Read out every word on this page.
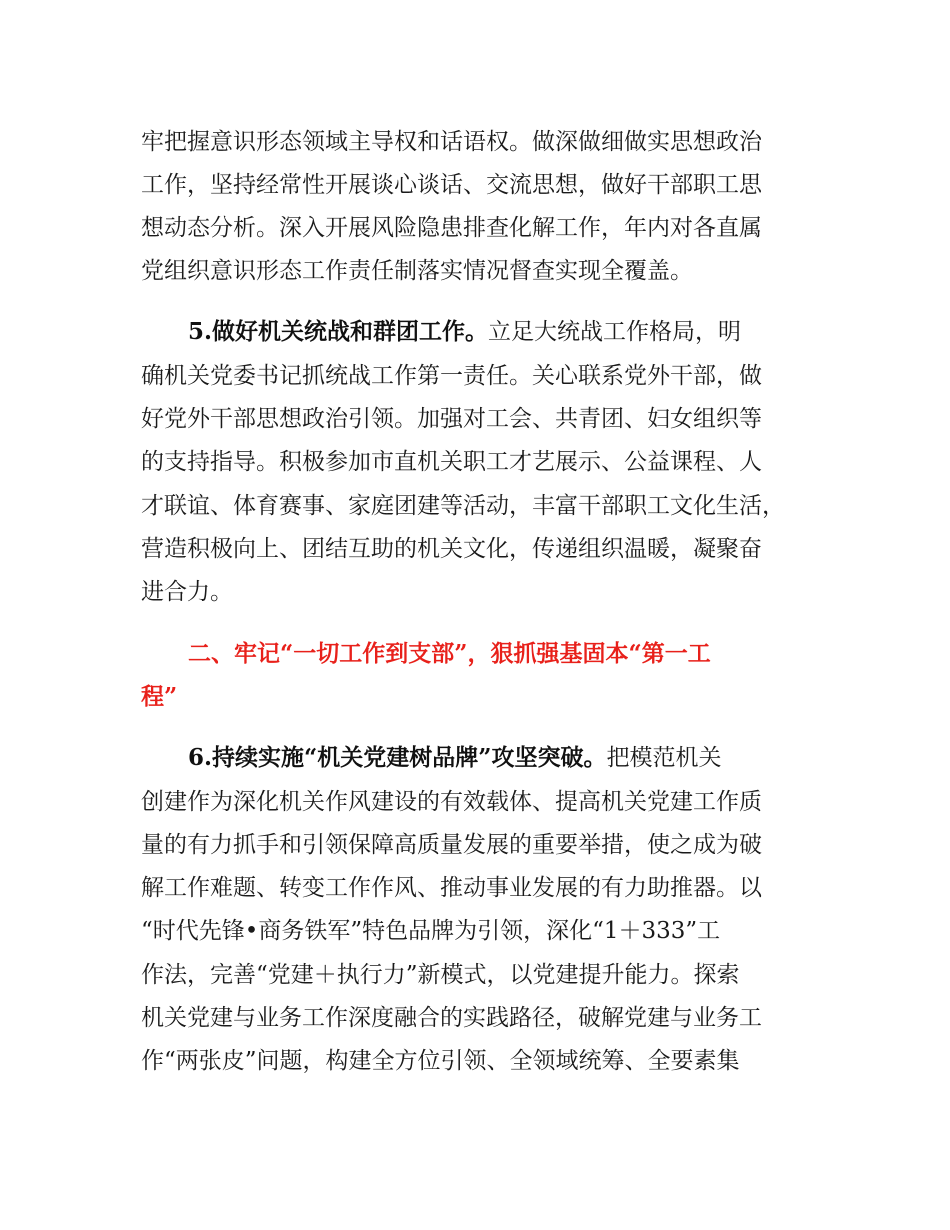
牢把握意识形态领域主导权和话语权。做深做细做实思想政治
工作，坚持经常性开展谈心谈话、交流思想，做好干部职工思
想动态分析。深入开展风险隐患排查化解工作，年内对各直属
党组织意识形态工作责任制落实情况督查实现全覆盖。
5.做好机关统战和群团工作。立足大统战工作格局，明
确机关党委书记抓统战工作第一责任。关心联系党外干部，做
好党外干部思想政治引领。加强对工会、共青团、妇女组织等
的支持指导。积极参加市直机关职工才艺展示、公益课程、人
才联谊、体育赛事、家庭团建等活动，丰富干部职工文化生活，
营造积极向上、团结互助的机关文化，传递组织温暖，凝聚奋
进合力。
二、牢记“一切工作到支部”，狠抓强基固本“第一工
程”
6.持续实施“机关党建树品牌”攻坚突破。把模范机关
创建作为深化机关作风建设的有效载体、提高机关党建工作质
量的有力抓手和引领保障高质量发展的重要举措，使之成为破
解工作难题、转变工作作风、推动事业发展的有力助推器。以
“时代先锋•商务铁军”特色品牌为引领，深化“1＋333”工
作法，完善“党建＋执行力”新模式，以党建提升能力。探索
机关党建与业务工作深度融合的实践路径，破解党建与业务工
作“两张皮”问题，构建全方位引领、全领域统筹、全要素集
